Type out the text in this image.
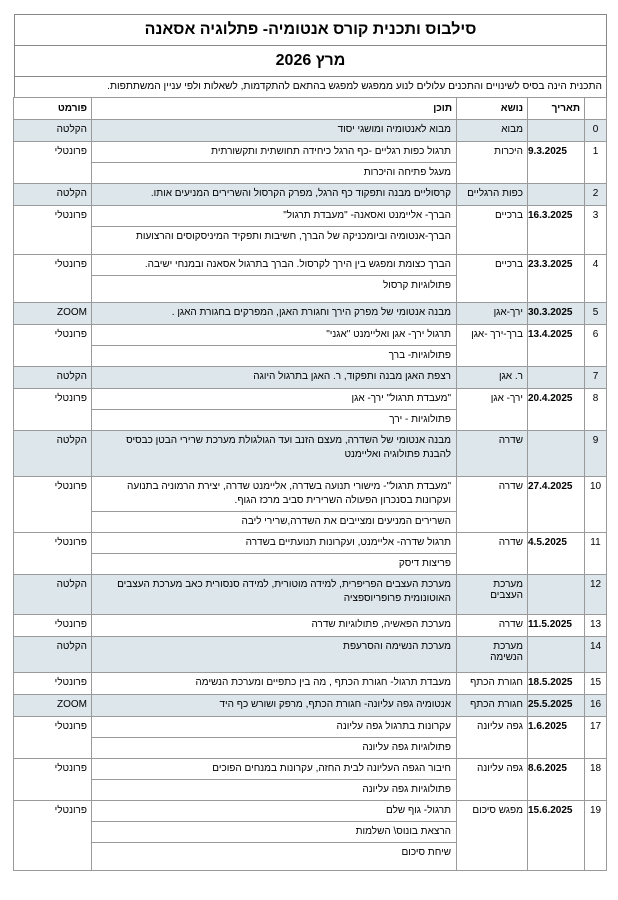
סילבוס ותכנית קורס אנטומיה- פתלוגיה אסאנה
מרץ 2026
התכנית הינה בסיס לשינויים והתכנים עלולים לנוע ממפגש למפגש בהתאם להתקדמות, לשאלות ולפי עניין המשתתפות.
	תאריך	נושא	תוכן	פורמט
0		מבוא	מבוא לאנטומיה ומושגי יסוד	הקלטה
1	9.3.2025	היכרות	תרגול כפות רגליים -כף הרגל כיחידה תחושתית ותקשורתית
מעגל פתיחה והיכרות	פרונטלי
2		כפות הרגליים	קרסוליים מבנה ותפקוד כף הרגל, מפרק הקרסול והשרירים המניעים אותו.	הקלטה
3	16.3.2025	ברכיים	הברך- אליימנט ואסאנה- "מעבדת תרגול"
הברך-אנטומיה וביומכניקה של הברך, חשיבות ותפקיד המיניסקוסים והרצועות	פרונטלי
4	23.3.2025	ברכיים	הברך כצומת ומפגש בין הירך לקרסול. הברך בתרגול אסאנה ובמנחי ישיבה.
פתולוגיות קרסול	פרונטלי
5	30.3.2025	ירך-אגן	מבנה אנטומי של מפרק הירך וחגורת האגן, המפרקים בחגורת האגן .	ZOOM
6	13.4.2025	ברך-ירך -אגן	תרגול ירך- אגן ואליימנט "אגני"
פתולוגיות- ברך	פרונטלי
7		ר. אגן	רצפת האגן מבנה ותפקוד, ר. האגן בתרגול היוגה	הקלטה
8	20.4.2025	ירך- אגן	"מעבדת תרגול" ירך- אגן
פתולוגיות - ירך	פרונטלי
9		שדרה	מבנה אנטומי של השדרה, מעצם הזנב ועד הגולגולת מערכת שרירי הבטן כבסיס להבנת פתולוגיה ואליימנט	הקלטה
10	27.4.2025	שדרה	"מעבדת תרגול"- מישורי תנועה בשדרה, אליימנט שדרה, יצירת הרמוניה בתנועה ועקרונות בסנכרון הפעולה השרירית סביב מרכז הגוף.
השרירים המניעים ומצייבים את השדרה,שרירי ליבה	פרונטלי
11	4.5.2025	שדרה	תרגול שדרה- אליימנט, ועקרונות תנועתיים בשדרה
פריצות דיסק	פרונטלי
12		מערכת העצבים	מערכת העצבים הפריפרית, למידה מוטורית, למידה סנסורית כאב מערכת העצבים האוטונומית פרופריוספציה	הקלטה
13	11.5.2025	שדרה	מערכת הפאשיה, פתולוגיות שדרה	פרונטלי
14		מערכת הנשימה	מערכת הנשימה והסרעפת	הקלטה
15	18.5.2025	חגורת הכתף	מעבדת תרגול- חגורת הכתף , מה בין כתפיים ומערכת הנשימה	פרונטלי
16	25.5.2025	חגורת הכתף	אנטומיה גפה עליונה- חגורת הכתף, מרפק ושורש כף היד	ZOOM
17	1.6.2025	גפה עליונה	עקרונות בתרגול גפה עליונה
פתולוגיות גפה עליונה	פרונטלי
18	8.6.2025	גפה עליונה	חיבור הגפה העליונה לבית החזה, עקרונות במנחים הפוכים
פתולוגיות גפה עליונה	פרונטלי
19	15.6.2025	מפגש סיכום	תרגול- גוף שלם
הרצאת בונוס\ השלמות
שיחת סיכום	פרונטלי
